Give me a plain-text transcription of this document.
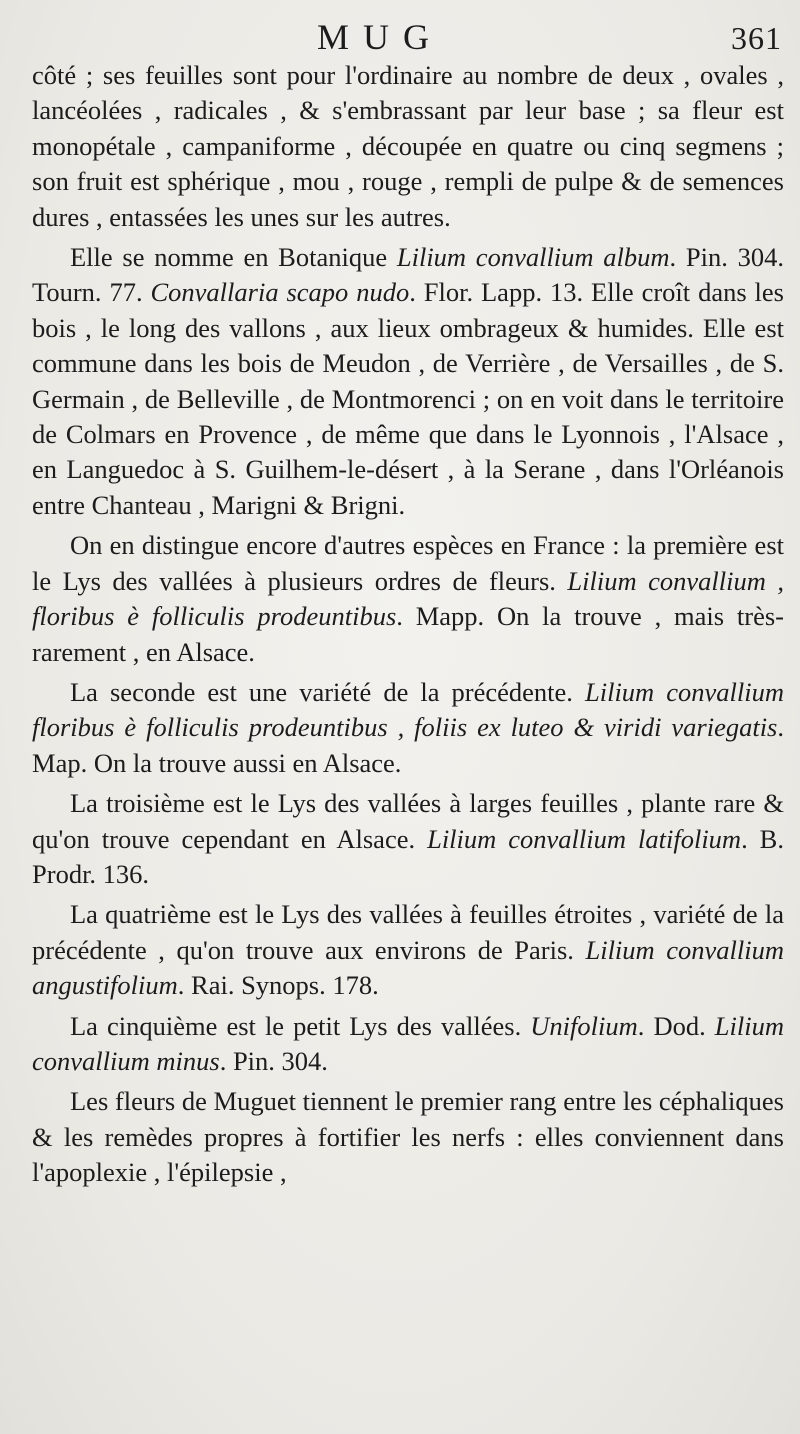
MUG	361

côté ; ses feuilles sont pour l'ordinaire au nombre de deux , ovales , lancéolées , radicales , & s'embrassant par leur base ; sa fleur est monopétale , campaniforme , découpée en quatre ou cinq segmens ; son fruit est sphérique , mou , rouge , rempli de pulpe & de semences dures , entassées les unes sur les autres.

Elle se nomme en Botanique Lilium convallium album. Pin. 304. Tourn. 77. Convallaria scapo nudo. Flor. Lapp. 13. Elle croît dans les bois , le long des vallons , aux lieux ombrageux & humides. Elle est commune dans les bois de Meudon , de Verrière , de Versailles , de S. Germain , de Belleville , de Montmorenci ; on en voit dans le territoire de Colmars en Provence , de même que dans le Lyonnois , l'Alsace , en Languedoc à S. Guilhem-le-désert , à la Serane , dans l'Orléanois entre Chanteau , Marigni & Brigni.

On en distingue encore d'autres espèces en France : la première est le Lys des vallées à plusieurs ordres de fleurs. Lilium convallium , floribus è folliculis prodeuntibus. Mapp. On la trouve , mais très-rarement , en Alsace.

La seconde est une variété de la précédente. Lilium convallium floribus è folliculis prodeuntibus , foliis ex luteo & viridi variegatis. Map. On la trouve aussi en Alsace.

La troisième est le Lys des vallées à larges feuilles , plante rare & qu'on trouve cependant en Alsace. Lilium convallium latifolium. B. Prodr. 136.

La quatrième est le Lys des vallées à feuilles étroites , variété de la précédente , qu'on trouve aux environs de Paris. Lilium convallium angustifolium. Rai. Synops. 178.

La cinquième est le petit Lys des vallées. Unifolium. Dod. Lilium convallium minus. Pin. 304.

Les fleurs de Muguet tiennent le premier rang entre les céphaliques & les remèdes propres à fortifier les nerfs : elles conviennent dans l'apoplexie , l'épilepsie ,
